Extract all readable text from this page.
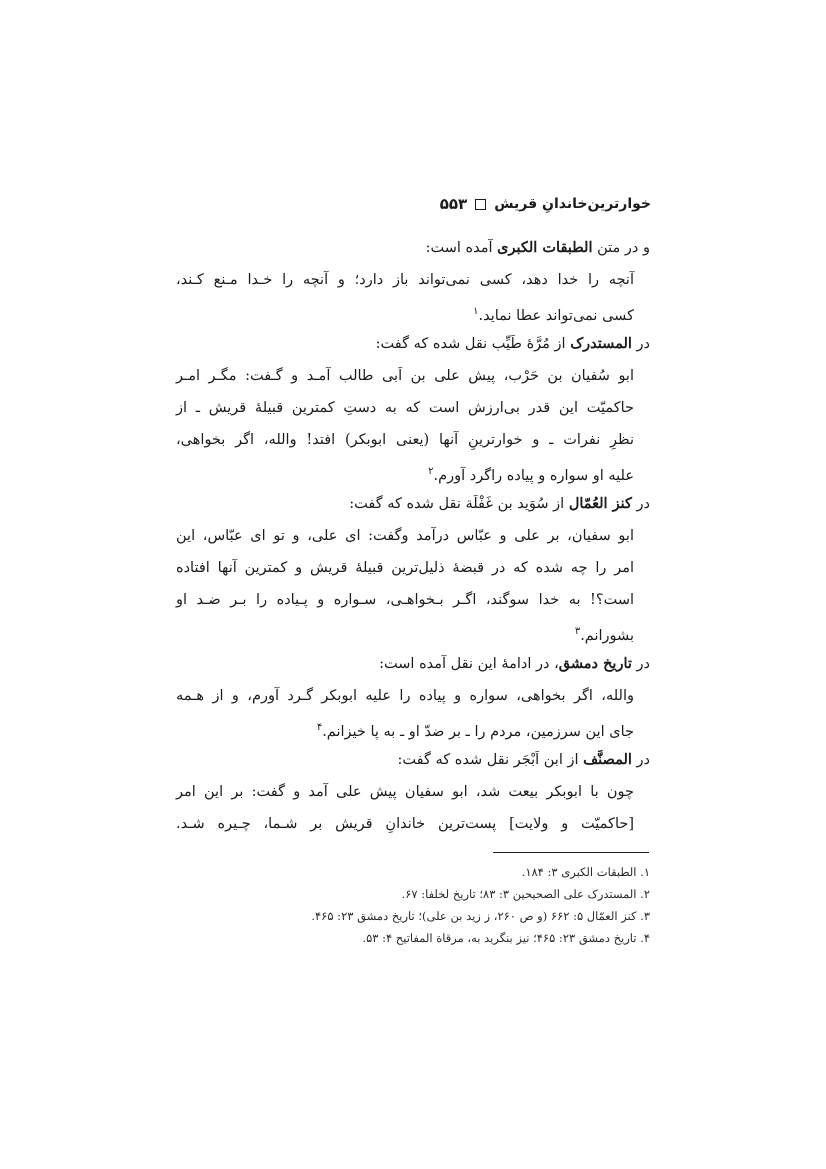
خوارترین‌خاندانِ قریش
۵۵۳
و در متن الطبقات الکبری آمده است:
آنچه را خدا دهد، کسی نمی‌تواند باز دارد؛ و آنچه را خـدا مـنع کـند،
کسی نمی‌تواند عطا نماید.$^۱$
در المستدرک از مُرَّهٔ طَیِّب نقل شده که گفت:
ابو سُفیان بن حَرْب، پیش علی بن اَبی طالب آمـد و گـفت: مگـر امـر
حاکمیّت این قدر بی‌ارزش است که به دستِ کمترین قبیلهٔ قریش ـ از
نظرِ نفرات ـ و خوارترینِ آنها (یعنی ابوبکر) افتد! والله، اگر بخواهی،
علیه او سواره و پیاده راگرد آورم.$^۲$
در کنز العُمّال از سُوَید بن غَفْلَة نقل شده که گفت:
ابو سفیان، بر علی و عبّاس درآمد وگفت: ای علی، و تو ای عبّاس، این
امر را چه شده که در قبضهٔ ذلیل‌ترین قبیلهٔ قریش و کمترین آنها افتاده
است؟! به خدا سوگند، اگـر بـخواهـی، سـواره و پـیاده را بـر ضـد او
بشورانم.$^۳$
در تاریخ دمشق، در ادامهٔ این نقل آمده است:
والله، اگر بخواهی، سواره و پیاده را علیه ابوبکر گـرد آورم، و از هـمه
جای این سرزمین، مردم را ـ بر ضدّ او ـ به پا خیزانم.$^۴$
در المصنَّف از ابن اَبْجَر نقل شده که گفت:
چون با ابوبکر بیعت شد، ابو سفیان پیش علی آمد و گفت: بر این امر
[حاکمیّت و ولایت] پست‌ترین خاندانِ قریش بر شـما، چـیره شـد.
۱. الطبقات الکبری ۳: ۱۸۴.
۲. المستدرک علی الصحیحین ۳: ۸۳؛ تاریخ لخلفا: ۶۷.
۳. کنز العمّال ۵: ۶۶۲ (و ص ۲۶۰، ز زید بن علی)؛ تاریخ دمشق ۲۳: ۴۶۵.
۴. تاریخ دمشق ۲۳: ۴۶۵؛ نیز بنگرید به، مرقاة المفاتیح ۴: ۵۳.
